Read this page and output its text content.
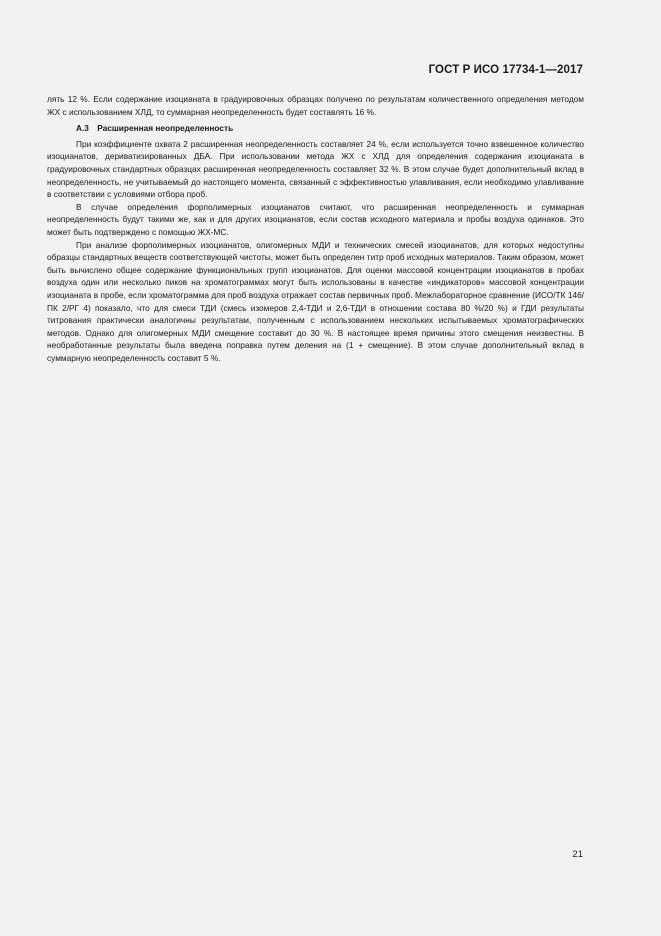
ГОСТ Р ИСО 17734-1—2017

лять 12 %. Если содержание изоцианата в градуировочных образцах получено по результатам количественного определения методом ЖХ с использованием ХЛД, то суммарная неопределенность будет составлять 16 %.

А.3 Расширенная неопределенность

При коэффициенте охвата 2 расширенная неопределенность составляет 24 %, если используется точно взвешенное количество изоцианатов, дериватизированных ДБА. При использовании метода ЖХ с ХЛД для определения содержания изоцианата в градуировочных стандартных образцах расширенная неопределенность составляет 32 %. В этом случае будет дополнительный вклад в неопределенность, не учитываемый до настоящего момента, связанный с эффективностью улавливания, если необходимо улавливание в соответствии с условиями отбора проб.

В случае определения форполимерных изоцианатов считают, что расширенная неопределенность и суммарная неопределенность будут такими же, как и для других изоцианатов, если состав исходного материала и пробы воздуха одинаков. Это может быть подтверждено с помощью ЖХ-МС.

При анализе форполимерных изоцианатов, олигомерных МДИ и технических смесей изоцианатов, для которых недоступны образцы стандартных веществ соответствующей чистоты, может быть определен титр проб исходных материалов. Таким образом, может быть вычислено общее содержание функциональных групп изоцианатов. Для оценки массовой концентрации изоцианатов в пробах воздуха один или несколько пиков на хроматограммах могут быть использованы в качестве «индикаторов» массовой концентрации изоцианата в пробе, если хроматограмма для проб воздуха отражает состав первичных проб. Межлабораторное сравнение (ИСО/ТК 146/ПК 2/РГ 4) показало, что для смеси ТДИ (смесь изомеров 2,4-ТДИ и 2,6-ТДИ в отношении состава 80 %/20 %) и ГДИ результаты титрования практически аналогичны результатам, полученным с использованием нескольких испытываемых хроматографических методов. Однако для олигомерных МДИ смещение составит до 30 %. В настоящее время причины этого смещения неизвестны. В необработанные результаты была введена поправка путем деления на (1 + смещение). В этом случае дополнительный вклад в суммарную неопределенность составит 5 %.

21
